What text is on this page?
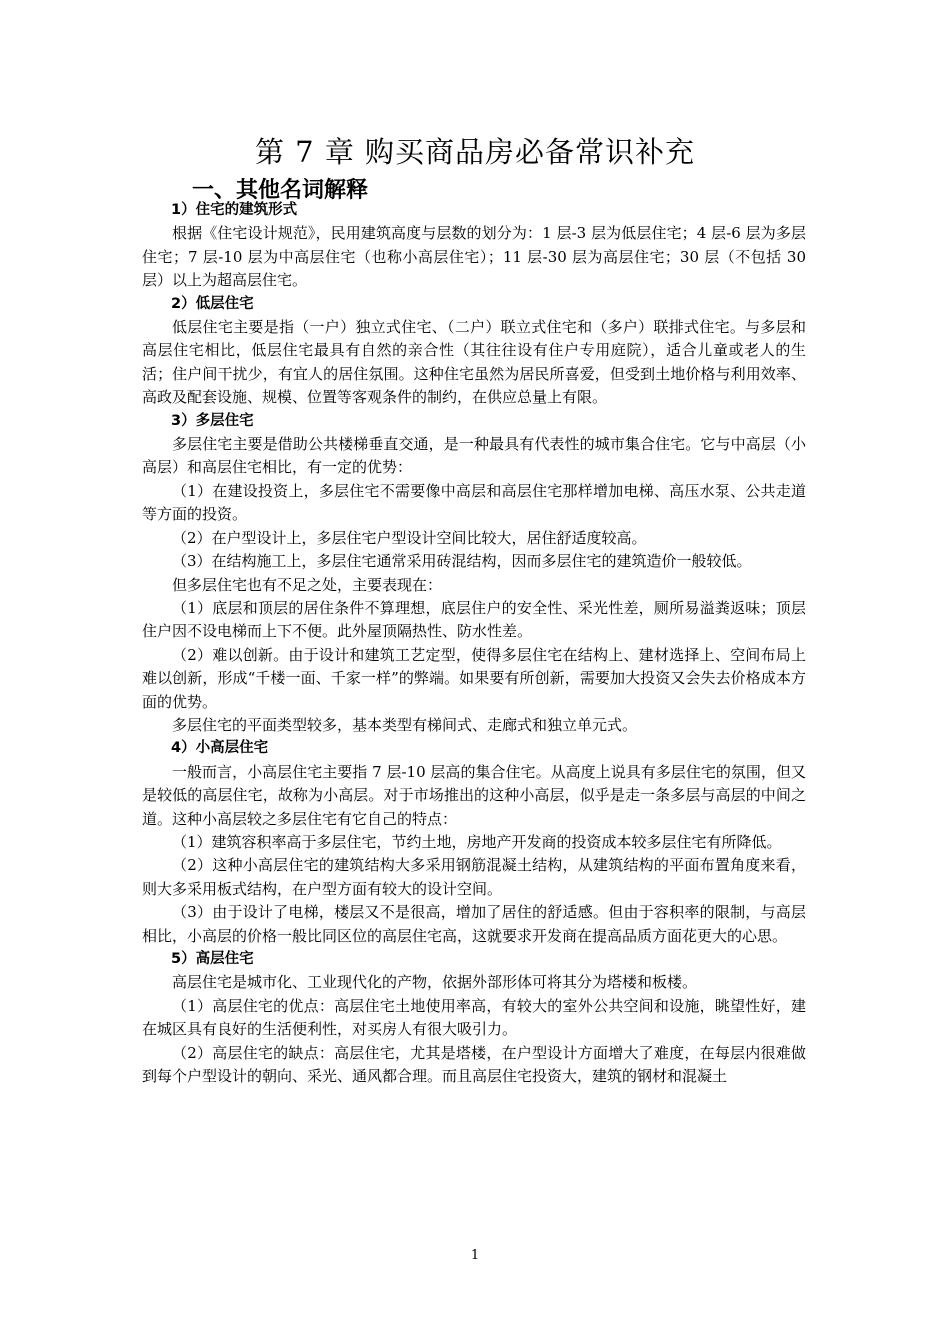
第 7 章 购买商品房必备常识补充
一、其他名词解释

1）住宅的建筑形式

根据《住宅设计规范》，民用建筑高度与层数的划分为：1 层-3 层为低层住宅；4 层-6 层为多层住宅；7 层-10 层为中高层住宅（也称小高层住宅）；11 层-30 层为高层住宅；30 层（不包括 30 层）以上为超高层住宅。

2）低层住宅

低层住宅主要是指（一户）独立式住宅、（二户）联立式住宅和（多户）联排式住宅。与多层和高层住宅相比，低层住宅最具有自然的亲合性（其往往设有住户专用庭院），适合儿童或老人的生活；住户间干扰少，有宜人的居住氛围。这种住宅虽然为居民所喜爱，但受到土地价格与利用效率、高政及配套设施、规模、位置等客观条件的制约，在供应总量上有限。

3）多层住宅

多层住宅主要是借助公共楼梯垂直交通，是一种最具有代表性的城市集合住宅。它与中高层（小高层）和高层住宅相比，有一定的优势：

（1）在建设投资上，多层住宅不需要像中高层和高层住宅那样增加电梯、高压水泵、公共走道等方面的投资。

（2）在户型设计上，多层住宅户型设计空间比较大，居住舒适度较高。

（3）在结构施工上，多层住宅通常采用砖混结构，因而多层住宅的建筑造价一般较低。

但多层住宅也有不足之处，主要表现在：

（1）底层和顶层的居住条件不算理想，底层住户的安全性、采光性差，厕所易溢粪返味；顶层住户因不设电梯而上下不便。此外屋顶隔热性、防水性差。

（2）难以创新。由于设计和建筑工艺定型，使得多层住宅在结构上、建材选择上、空间布局上难以创新，形成“千楼一面、千家一样”的弊端。如果要有所创新，需要加大投资又会失去价格成本方面的优势。

多层住宅的平面类型较多，基本类型有梯间式、走廊式和独立单元式。

4）小高层住宅

一般而言，小高层住宅主要指 7 层-10 层高的集合住宅。从高度上说具有多层住宅的氛围，但又是较低的高层住宅，故称为小高层。对于市场推出的这种小高层，似乎是走一条多层与高层的中间之道。这种小高层较之多层住宅有它自己的特点：

（1）建筑容积率高于多层住宅，节约土地，房地产开发商的投资成本较多层住宅有所降低。

（2）这种小高层住宅的建筑结构大多采用钢筋混凝土结构，从建筑结构的平面布置角度来看，则大多采用板式结构，在户型方面有较大的设计空间。

（3）由于设计了电梯，楼层又不是很高，增加了居住的舒适感。但由于容积率的限制，与高层相比，小高层的价格一般比同区位的高层住宅高，这就要求开发商在提高品质方面花更大的心思。

5）高层住宅

高层住宅是城市化、工业现代化的产物，依据外部形体可将其分为塔楼和板楼。

（1）高层住宅的优点：高层住宅土地使用率高，有较大的室外公共空间和设施，眺望性好，建在城区具有良好的生活便利性，对买房人有很大吸引力。

（2）高层住宅的缺点：高层住宅，尤其是塔楼，在户型设计方面增大了难度，在每层内很难做到每个户型设计的朝向、采光、通风都合理。而且高层住宅投资大，建筑的钢材和混凝土

1
